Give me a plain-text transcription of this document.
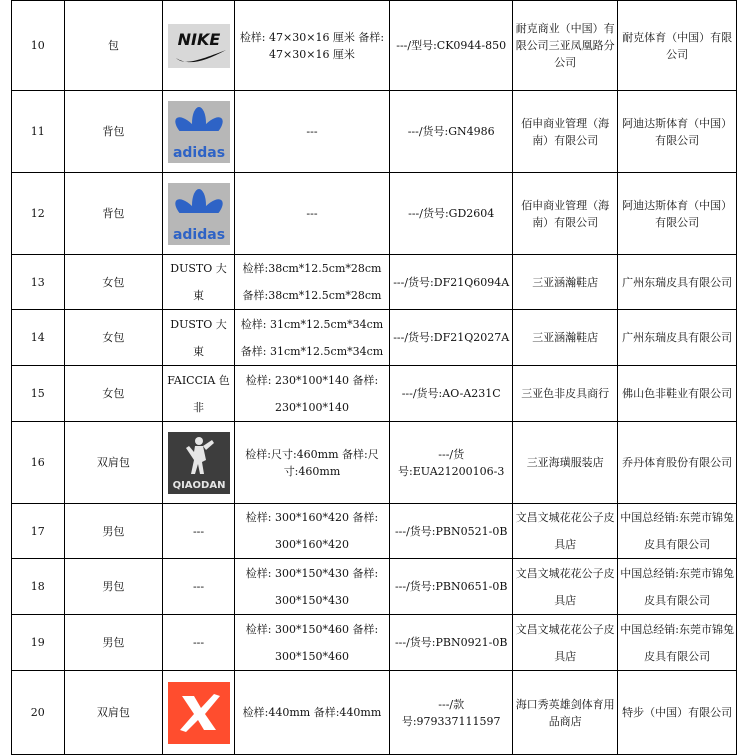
10	包	NIKE	检样: 47×30×16 厘米 备样: 47×30×16 厘米	---/型号:CK0944-850	耐克商业（中国）有限公司三亚凤凰路分公司	耐克体育（中国）有限公司
11	背包	adidas	---	---/货号:GN4986	佰申商业管理（海南）有限公司	阿迪达斯体育（中国）有限公司
12	背包	adidas	---	---/货号:GD2604	佰申商业管理（海南）有限公司	阿迪达斯体育（中国）有限公司
13	女包	DUSTO 大東	检样:38cm*12.5cm*28cm 备样:38cm*12.5cm*28cm	---/货号:DF21Q6094A	三亚涵瀚鞋店	广州东瑞皮具有限公司
14	女包	DUSTO 大東	检样: 31cm*12.5cm*34cm 备样: 31cm*12.5cm*34cm	---/货号:DF21Q2027A	三亚涵瀚鞋店	广州东瑞皮具有限公司
15	女包	FAICCIA 色非	检样: 230*100*140 备样: 230*100*140	---/货号:AO-A231C	三亚色非皮具商行	佛山色非鞋业有限公司
16	双肩包	QIAODAN	检样:尺寸:460mm 备样:尺寸:460mm	---/货号:EUA21200106-3	三亚海璜服装店	乔丹体育股份有限公司
17	男包	---	检样: 300*160*420 备样: 300*160*420	---/货号:PBN0521-0B	文昌文城花花公子皮具店	中国总经销:东莞市锦兔皮具有限公司
18	男包	---	检样: 300*150*430 备样: 300*150*430	---/货号:PBN0651-0B	文昌文城花花公子皮具店	中国总经销:东莞市锦兔皮具有限公司
19	男包	---	检样: 300*150*460 备样: 300*150*460	---/货号:PBN0921-0B	文昌文城花花公子皮具店	中国总经销:东莞市锦兔皮具有限公司
20	双肩包		检样:440mm 备样:440mm	---/款号:979337111597	海口秀英雄剑体育用品商店	特步（中国）有限公司
